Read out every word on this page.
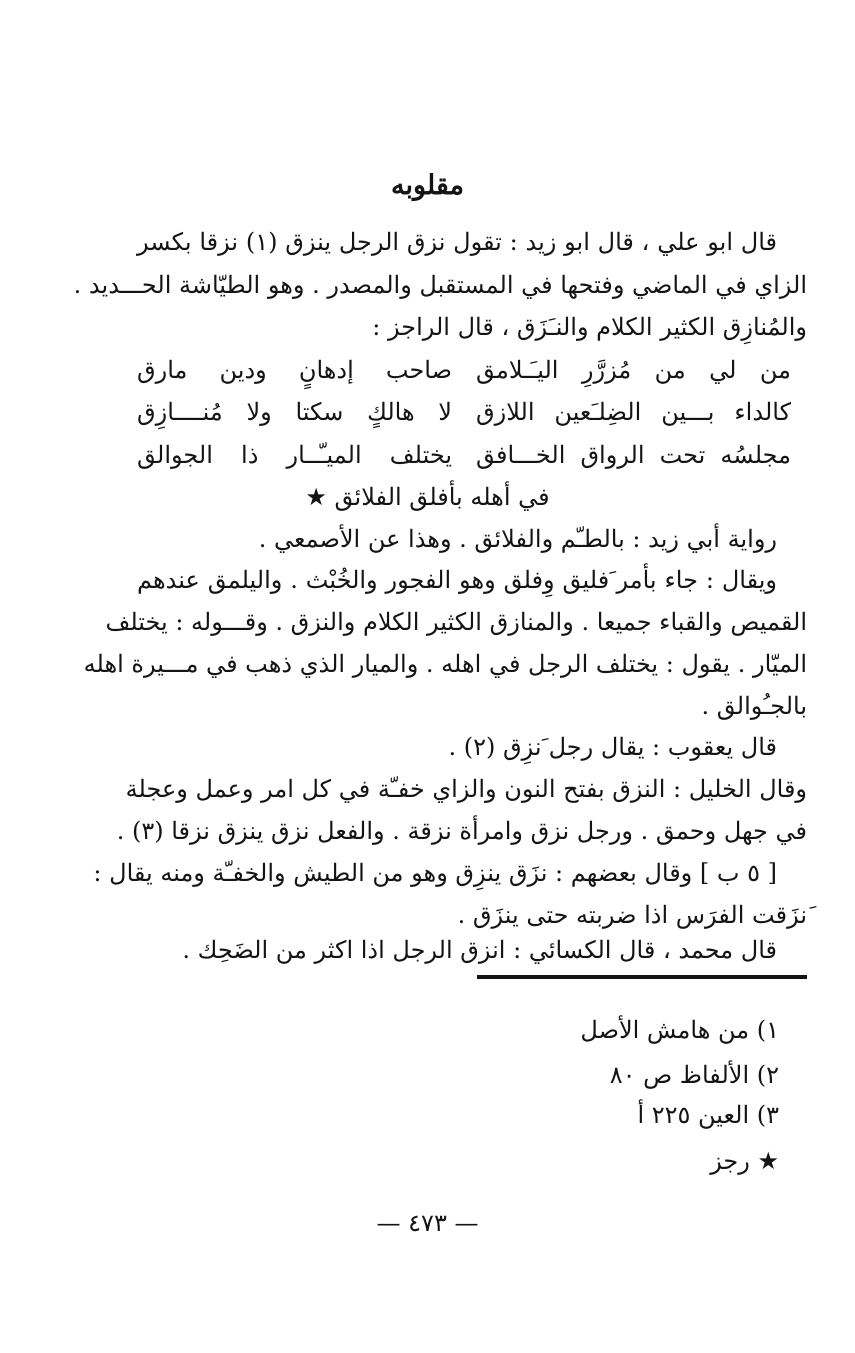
مقلوبه
قال ابو علي ، قال ابو زيد : تقول نزق الرجل ينزق (١) نزقا بكسر
الزاي في الماضي وفتحها في المستقبل والمصدر . وهو الطيّاشة الحـــديد .
والمُنازِق الكثير الكلام والنـَزَق ، قال الراجز :
من لي من مُزرَّرِ اليـَـلامق
صاحب إدهانٍ ودين مارق
كالداء بـــين الضِلـَعين اللازق
لا هالكٍ سكتا ولا مُنــــازِق
مجلسُه تحت الرواق الخـــافق
يختلف الميـّــار ذا الجوالق
في أهله بأفلق الفلائق ★
رواية أبي زيد : بالطـّم والفلائق . وهذا عن الأصمعي .
ويقال : جاء بأمر َفليق وِفلق وهو الفجور والخُبْث . واليلمق عندهم
القميص والقباء جميعا . والمنازق الكثير الكلام والنزق . وقـــوله : يختلف
الميّار . يقول : يختلف الرجل في اهله . والميار الذي ذهب في مـــيرة اهله
بالجـُوالق .
قال يعقوب : يقال رجل َنزِق (٢) .
وقال الخليل : النزق بفتح النون والزاي خفـّة في كل امر وعمل وعجلة
في جهل وحمق . ورجل نزق وامرأة نزقة . والفعل نزق ينزق نزقا (٣) .
[ ٥ ب ] وقال بعضهم : نزَق ينزِق وهو من الطيش والخفـّة ومنه يقال :
َنزَقت الفرَس اذا ضربته حتى ينزَق .
قال محمد ، قال الكسائي : انزق الرجل اذا اكثر من الضَحِك .
١) من هامش الأصل
٢) الألفاظ ص ٨٠
٣) العين ٢٢٥ أ
★ رجز
— ٤٧٣ —
